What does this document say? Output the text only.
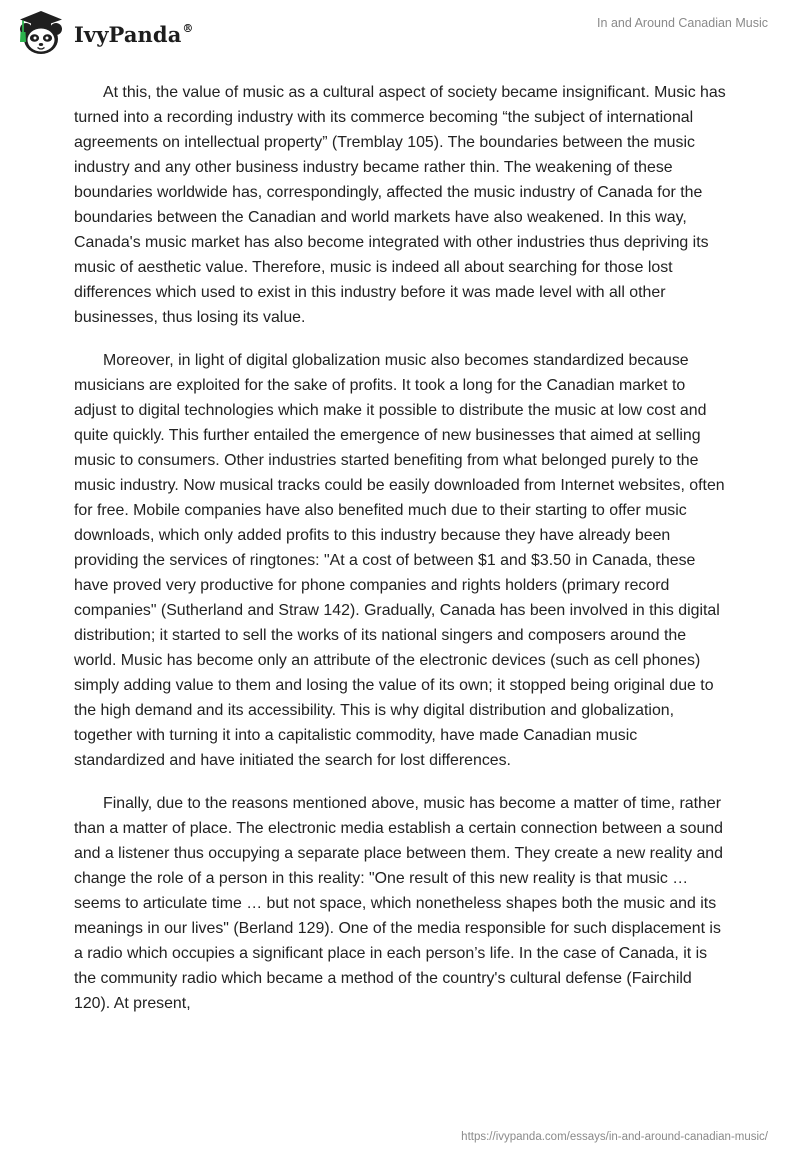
IvyPanda®	In and Around Canadian Music

At this, the value of music as a cultural aspect of society became insignificant. Music has turned into a recording industry with its commerce becoming “the subject of international agreements on intellectual property” (Tremblay 105). The boundaries between the music industry and any other business industry became rather thin. The weakening of these boundaries worldwide has, correspondingly, affected the music industry of Canada for the boundaries between the Canadian and world markets have also weakened. In this way, Canada's music market has also become integrated with other industries thus depriving its music of aesthetic value. Therefore, music is indeed all about searching for those lost differences which used to exist in this industry before it was made level with all other businesses, thus losing its value.

Moreover, in light of digital globalization music also becomes standardized because musicians are exploited for the sake of profits. It took a long for the Canadian market to adjust to digital technologies which make it possible to distribute the music at low cost and quite quickly. This further entailed the emergence of new businesses that aimed at selling music to consumers. Other industries started benefiting from what belonged purely to the music industry. Now musical tracks could be easily downloaded from Internet websites, often for free. Mobile companies have also benefited much due to their starting to offer music downloads, which only added profits to this industry because they have already been providing the services of ringtones: "At a cost of between $1 and $3.50 in Canada, these have proved very productive for phone companies and rights holders (primary record companies" (Sutherland and Straw 142). Gradually, Canada has been involved in this digital distribution; it started to sell the works of its national singers and composers around the world. Music has become only an attribute of the electronic devices (such as cell phones) simply adding value to them and losing the value of its own; it stopped being original due to the high demand and its accessibility. This is why digital distribution and globalization, together with turning it into a capitalistic commodity, have made Canadian music standardized and have initiated the search for lost differences.

Finally, due to the reasons mentioned above, music has become a matter of time, rather than a matter of place. The electronic media establish a certain connection between a sound and a listener thus occupying a separate place between them. They create a new reality and change the role of a person in this reality: "One result of this new reality is that music … seems to articulate time … but not space, which nonetheless shapes both the music and its meanings in our lives" (Berland 129). One of the media responsible for such displacement is a radio which occupies a significant place in each person’s life. In the case of Canada, it is the community radio which became a method of the country's cultural defense (Fairchild 120). At present,

https://ivypanda.com/essays/in-and-around-canadian-music/
